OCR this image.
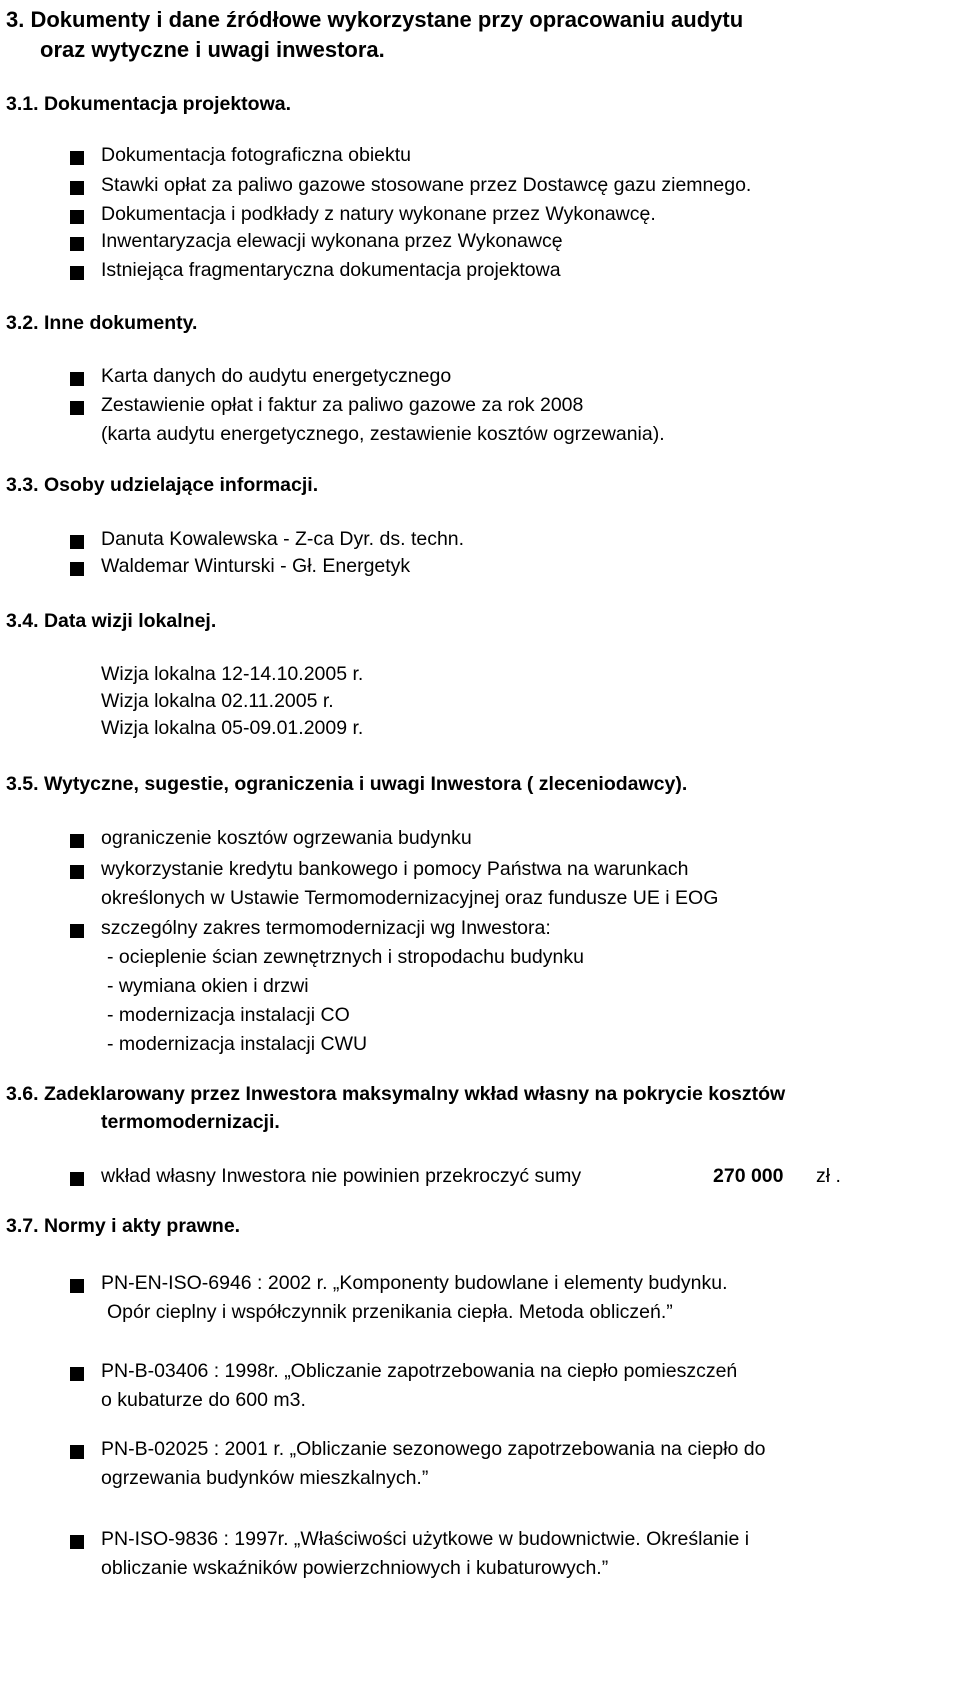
3. Dokumenty i dane źródłowe wykorzystane przy opracowaniu audytu
oraz wytyczne i uwagi inwestora.
3.1. Dokumentacja projektowa.
Dokumentacja fotograficzna obiektu
Stawki opłat za paliwo gazowe stosowane przez Dostawcę gazu ziemnego.
Dokumentacja i podkłady z natury wykonane przez Wykonawcę.
Inwentaryzacja elewacji wykonana przez Wykonawcę
Istniejąca fragmentaryczna dokumentacja projektowa
3.2. Inne dokumenty.
Karta danych do audytu energetycznego
Zestawienie opłat i faktur za paliwo gazowe za rok 2008
(karta audytu energetycznego, zestawienie kosztów ogrzewania).
3.3. Osoby udzielające informacji.
Danuta Kowalewska - Z-ca Dyr. ds. techn.
Waldemar Winturski - Gł. Energetyk
3.4. Data wizji lokalnej.
Wizja lokalna 12-14.10.2005 r.
Wizja lokalna 02.11.2005 r.
Wizja lokalna 05-09.01.2009 r.
3.5. Wytyczne, sugestie, ograniczenia i uwagi Inwestora ( zleceniodawcy).
ograniczenie kosztów ogrzewania budynku
wykorzystanie kredytu bankowego i pomocy Państwa na warunkach
określonych w Ustawie Termomodernizacyjnej oraz fundusze UE i EOG
szczególny zakres termomodernizacji wg Inwestora:
- ocieplenie ścian zewnętrznych i stropodachu budynku
- wymiana okien i drzwi
- modernizacja instalacji CO
- modernizacja instalacji CWU
3.6. Zadeklarowany przez Inwestora maksymalny wkład własny na pokrycie kosztów
termomodernizacji.
wkład własny Inwestora nie powinien przekroczyć sumy	270 000 zł .
3.7. Normy i akty prawne.
PN-EN-ISO-6946 : 2002 r. „Komponenty budowlane i elementy budynku.
Opór cieplny i współczynnik przenikania ciepła. Metoda obliczeń.”
PN-B-03406 : 1998r. „Obliczanie zapotrzebowania na ciepło pomieszczeń
o kubaturze do 600 m3.
PN-B-02025 : 2001 r. „Obliczanie sezonowego zapotrzebowania na ciepło do
ogrzewania budynków mieszkalnych.”
PN-ISO-9836 : 1997r. „Właściwości użytkowe w budownictwie. Określanie i
obliczanie wskaźników powierzchniowych i kubaturowych.”
